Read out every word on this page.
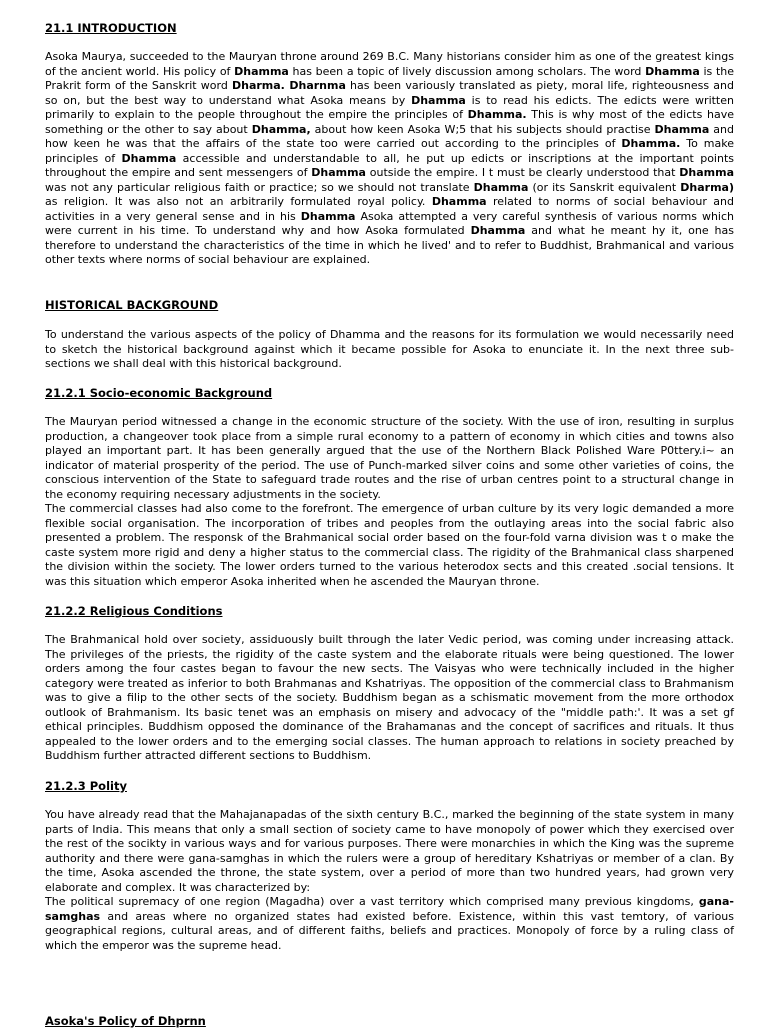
21.1 INTRODUCTION

Asoka Maurya, succeeded to the Mauryan throne around 269 B.C. Many historians consider him as one of the greatest kings of the ancient world. His policy of Dhamma has been a topic of lively discussion among scholars. The word Dhamma is the Prakrit form of the Sanskrit word Dharma. Dharnma has been variously translated as piety, moral life, righteousness and so on, but the best way to understand what Asoka means by Dhamma is to read his edicts. The edicts were written primarily to explain to the people throughout the empire the principles of Dhamma. This is why most of the edicts have something or the other to say about Dhamma, about how keen Asoka W;5 that his subjects should practise Dhamma and how keen he was that the affairs of the state too were carried out according to the principles of Dhamma. To make principles of Dhamma accessible and understandable to all, he put up edicts or inscriptions at the important points throughout the empire and sent messengers of Dhamma outside the empire. I t must be clearly understood that Dhamma was not any particular religious faith or practice; so we should not translate Dhamma (or its Sanskrit equivalent Dharma) as religion. It was also not an arbitrarily formulated royal policy. Dhamma related to norms of social behaviour and activities in a very general sense and in his Dhamma Asoka attempted a very careful synthesis of various norms which were current in his time. To understand why and how Asoka formulated Dhamma and what he meant hy it, one has therefore to understand the characteristics of the time in which he lived' and to refer to Buddhist, Brahmanical and various other texts where norms of social behaviour are explained.

HISTORICAL BACKGROUND

To understand the various aspects of the policy of Dhamma and the reasons for its formulation we would necessarily need to sketch the historical background against which it became possible for Asoka to enunciate it. In the next three sub-sections we shall deal with this historical background.

21.2.1 Socio-economic Background

The Mauryan period witnessed a change in the economic structure of the society. With the use of iron, resulting in surplus production, a changeover took place from a simple rural economy to a pattern of economy in which cities and towns also played an important part. It has been generally argued that the use of the Northern Black Polished Ware P0ttery.i~ an indicator of material prosperity of the period. The use of Punch-marked silver coins and some other varieties of coins, the conscious intervention of the State to safeguard trade routes and the rise of urban centres point to a structural change in the economy requiring necessary adjustments in the society.

The commercial classes had also come to the forefront. The emergence of urban culture by its very logic demanded a more flexible social organisation. The incorporation of tribes and peoples from the outlaying areas into the social fabric also presented a problem. The responsk of the Brahmanical social order based on the four-fold varna division was t o make the caste system more rigid and deny a higher status to the commercial class. The rigidity of the Brahmanical class sharpened the division within the society. The lower orders turned to the various heterodox sects and this created .social tensions. It was this situation which emperor Asoka inherited when he ascended the Mauryan throne.

21.2.2 Religious Conditions

The Brahmanical hold over society, assiduously built through the later Vedic period, was coming under increasing attack. The privileges of the priests, the rigidity of the caste system and the elaborate rituals were being questioned. The lower orders among the four castes began to favour the new sects. The Vaisyas who were technically included in the higher category were treated as inferior to both Brahmanas and Kshatriyas. The opposition of the commercial class to Brahmanism was to give a filip to the other sects of the society. Buddhism began as a schismatic movement from the more orthodox outlook of Brahmanism. Its basic tenet was an emphasis on misery and advocacy of the "middle path:'. It was a set gf ethical principles. Buddhism opposed the dominance of the Brahamanas and the concept of sacrifices and rituals. It thus appealed to the lower orders and to the emerging social classes. The human approach to relations in society preached by Buddhism further attracted different sections to Buddhism.

21.2.3 Polity

You have already read that the Mahajanapadas of the sixth century B.C., marked the beginning of the state system in many parts of India. This means that only a small section of society came to have monopoly of power which they exercised over the rest of the socikty in various ways and for various purposes. There were monarchies in which the King was the supreme authority and there were gana-samghas in which the rulers were a group of hereditary Kshatriyas or member of a clan. By the time, Asoka ascended the throne, the state system, over a period of more than two hundred years, had grown very elaborate and complex. It was characterized by:

The political supremacy of one region (Magadha) over a vast territory which comprised many previous kingdoms, gana-samghas and areas where no organized states had existed before. Existence, within this vast temtory, of various geographical regions, cultural areas, and of different faiths, beliefs and practices. Monopoly of force by a ruling class of which the emperor was the supreme head.

Asoka's Policy of Dhprnn
